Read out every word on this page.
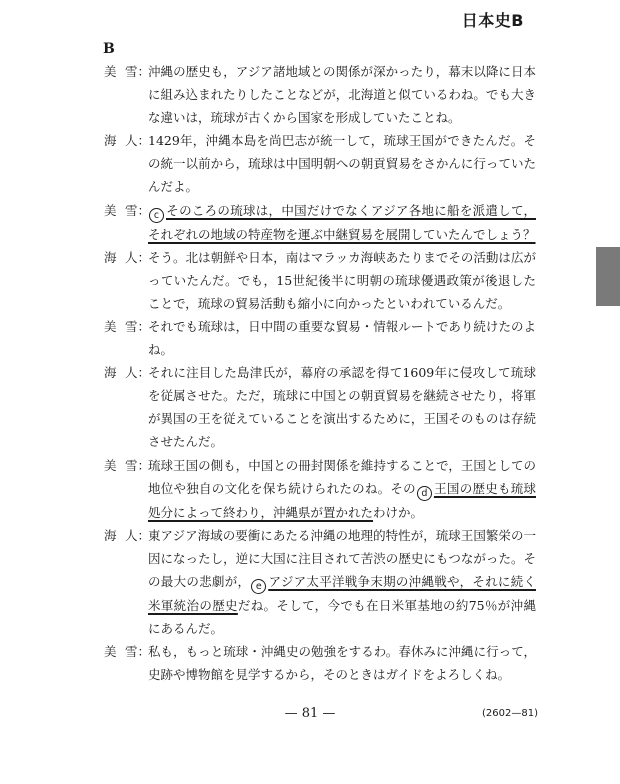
日本史B
B
美 雪：
沖縄の歴史も，アジア諸地域との関係が深かったり，幕末以降に日本に組み込まれたりしたことなどが，北海道と似ているわね。でも大きな違いは，琉球が古くから国家を形成していたことね。
海 人：
1429年，沖縄本島を尚巴志が統一して，琉球王国ができたんだ。その統一以前から，琉球は中国明朝への朝貢貿易をさかんに行っていたんだよ。
美 雪： c そのころの琉球は，中国だけでなくアジア各地に船を派遣して，それぞれの地域の特産物を運ぶ中継貿易を展開していたんでしょう？
海 人：
そう。北は朝鮮や日本，南はマラッカ海峡あたりまでその活動は広がっていたんだ。でも，15世紀後半に明朝の琉球優遇政策が後退したことで，琉球の貿易活動も縮小に向かったといわれているんだ。
美 雪：
それでも琉球は，日中間の重要な貿易・情報ルートであり続けたのよね。
海 人：
それに注目した島津氏が，幕府の承認を得て1609年に侵攻して琉球を従属させた。ただ，琉球に中国との朝貢貿易を継続させたり，将軍が異国の王を従えていることを演出するために，王国そのものは存続させたんだ。
美 雪：
琉球王国の側も，中国との冊封関係を維持することで，王国としての地位や独自の文化を保ち続けられたのね。その d 王国の歴史も琉球処分によって終わり，沖縄県が置かれたわけか。
海 人：
東アジア海域の要衝にあたる沖縄の地理的特性が，琉球王国繁栄の一因になったし，逆に大国に注目されて苦渋の歴史にもつながった。その最大の悲劇が， e アジア太平洋戦争末期の沖縄戦や，それに続く米軍統治の歴史だね。そして，今でも在日米軍基地の約75％が沖縄にあるんだ。
美 雪：
私も，もっと琉球・沖縄史の勉強をするわ。春休みに沖縄に行って，史跡や博物館を見学するから，そのときはガイドをよろしくね。
— 81 —	(2602—81)
